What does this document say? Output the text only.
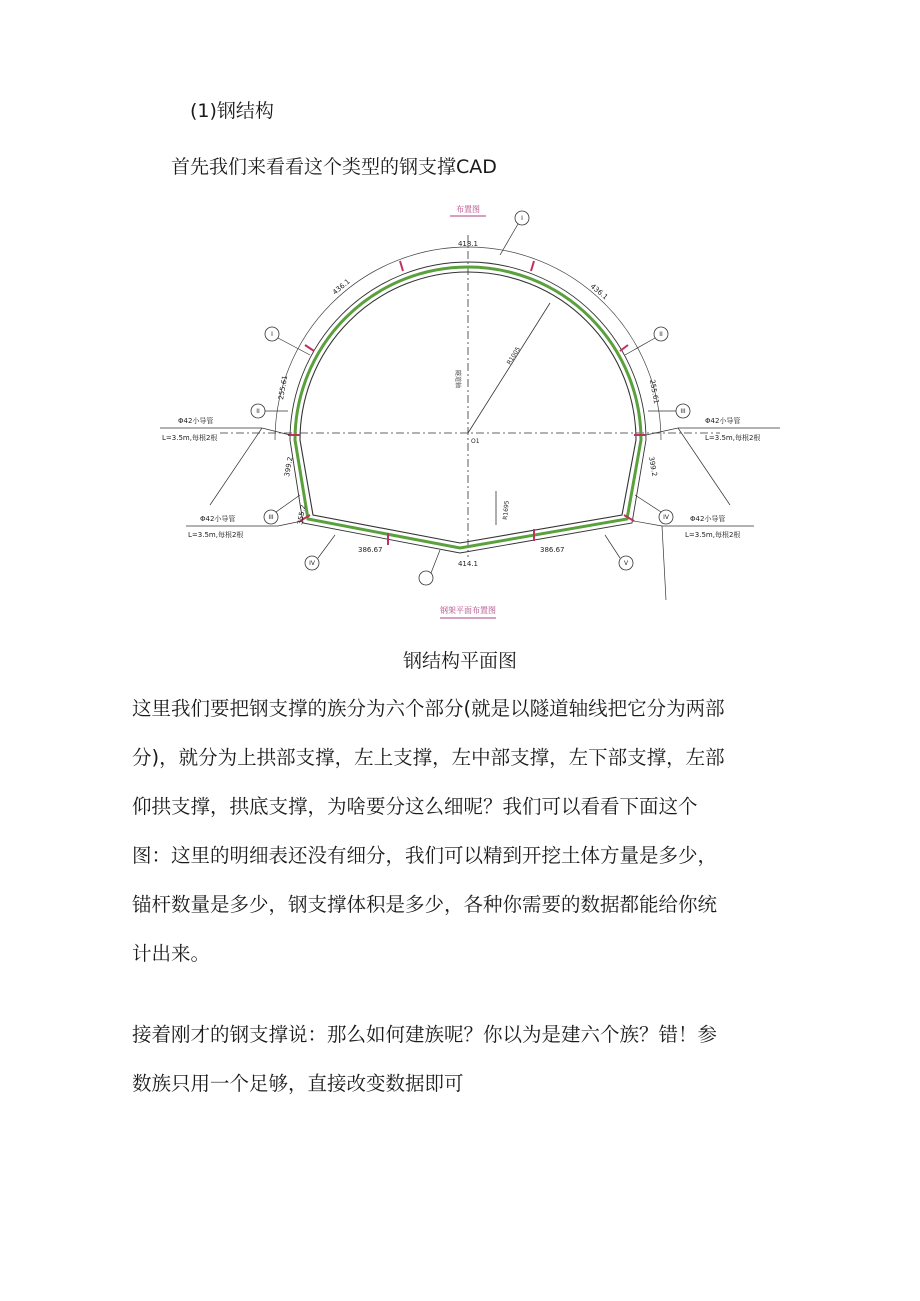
(1)钢结构
首先我们来看看这个类型的钢支撑CAD
布置图
钢架平面布置图
418.1
436.1	436.1
255.61	255.61
399.2	399.2
355.2
386.67	386.67
414.1
R1005
R1695
O1
隧道轴
I
I	II
II	III
III	IV
IV	V
Φ42小导管
L=3.5m,每根2根
Φ42小导管
L=3.5m,每根2根
Φ42小导管
L=3.5m,每根2根
Φ42小导管
L=3.5m,每根2根
钢结构平面图
这里我们要把钢支撑的族分为六个部分(就是以隧道轴线把它分为两部
分)，就分为上拱部支撑，左上支撑，左中部支撑，左下部支撑，左部
仰拱支撑，拱底支撑，为啥要分这么细呢？我们可以看看下面这个
图：这里的明细表还没有细分，我们可以精到开挖土体方量是多少，
锚杆数量是多少，钢支撑体积是多少，各种你需要的数据都能给你统
计出来。
接着刚才的钢支撑说：那么如何建族呢？你以为是建六个族？错！参
数族只用一个足够，直接改变数据即可
